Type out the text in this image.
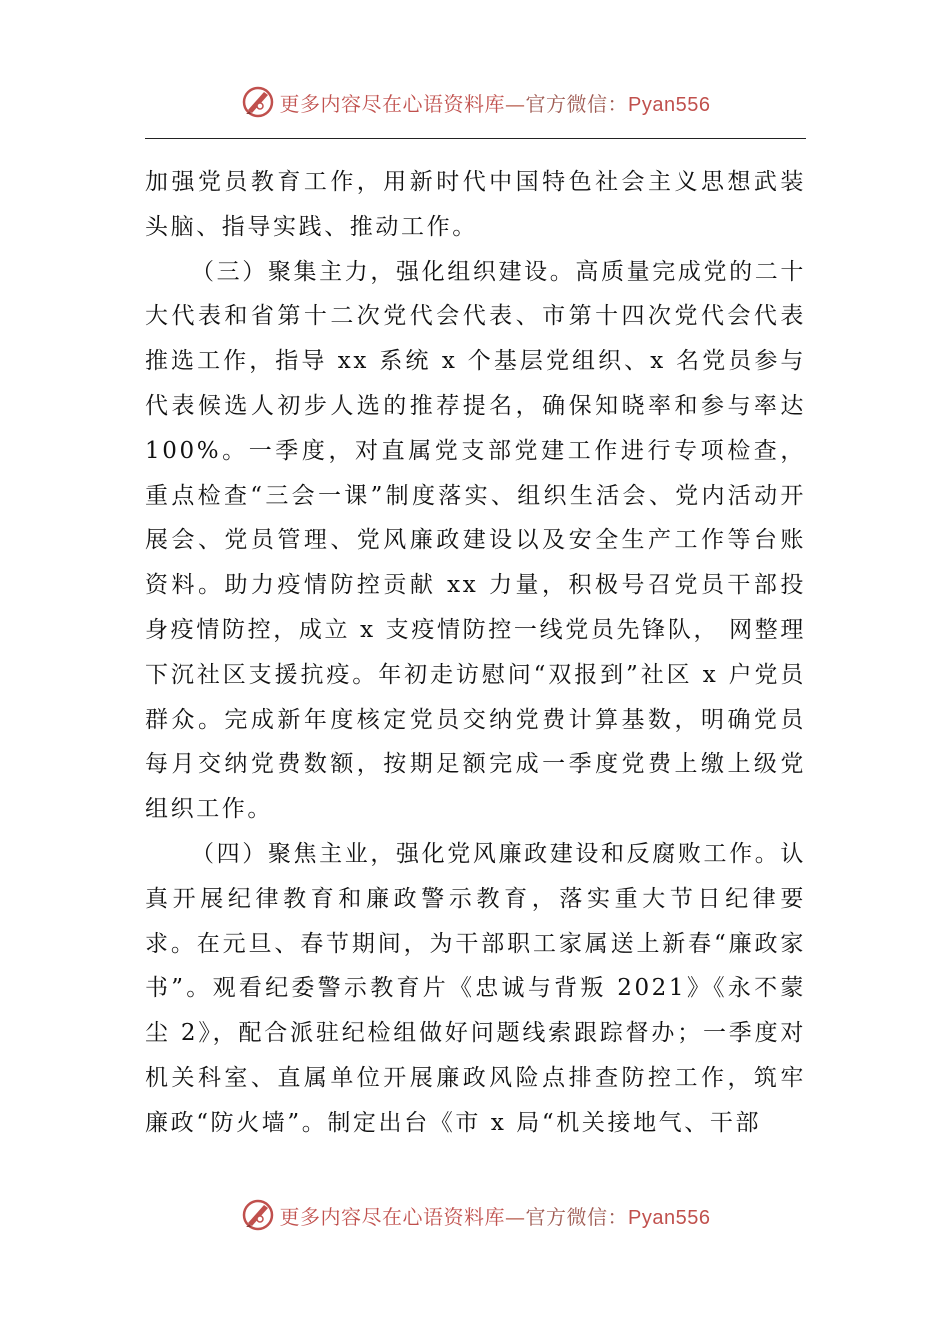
更多内容尽在心语资料库—官方微信：Pyan556

加强党员教育工作，用新时代中国特色社会主义思想武装头脑、指导实践、推动工作。

（三）聚集主力，强化组织建设。高质量完成党的二十大代表和省第十二次党代会代表、市第十四次党代会代表推选工作，指导 xx 系统 x 个基层党组织、x 名党员参与代表候选人初步人选的推荐提名，确保知晓率和参与率达 100%。一季度，对直属党支部党建工作进行专项检查，重点检查“三会一课”制度落实、组织生活会、党内活动开展会、党员管理、党风廉政建设以及安全生产工作等台账资料。助力疫情防控贡献 xx 力量，积极号召党员干部投身疫情防控，成立 x 支疫情防控一线党员先锋队， 网整理 下沉社区支援抗疫。年初走访慰问“双报到”社区 x 户党员群众。完成新年度核定党员交纳党费计算基数，明确党员每月交纳党费数额，按期足额完成一季度党费上缴上级党组织工作。

（四）聚焦主业，强化党风廉政建设和反腐败工作。认真开展纪律教育和廉政警示教育，落实重大节日纪律要求。在元旦、春节期间，为干部职工家属送上新春“廉政家书”。观看纪委警示教育片《忠诚与背叛 2021》《永不蒙尘 2》，配合派驻纪检组做好问题线索跟踪督办；一季度对机关科室、直属单位开展廉政风险点排查防控工作，筑牢廉政“防火墙”。制定出台《市 x 局“机关接地气、干部

更多内容尽在心语资料库—官方微信：Pyan556
